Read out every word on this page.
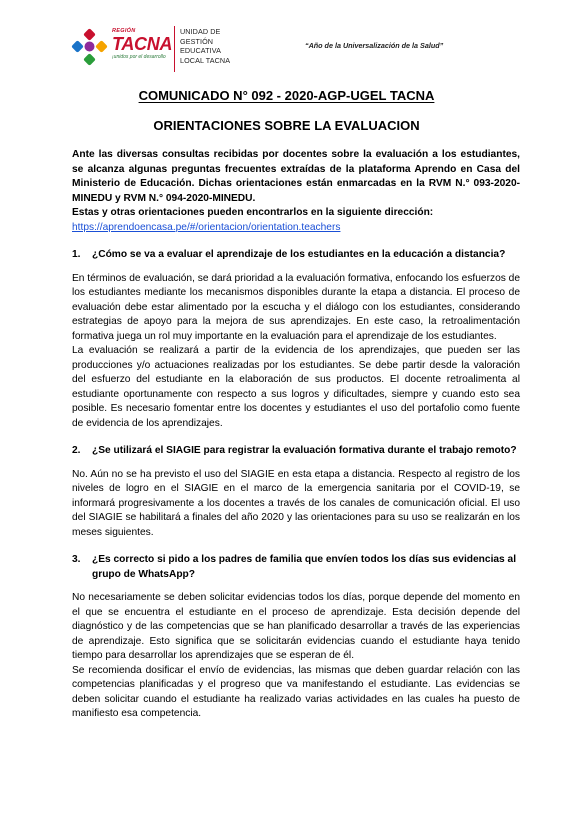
REGIÓN
TACNA
¡unidos por el desarrollo
UNIDAD DE
GESTIÓN
EDUCATIVA
LOCAL TACNA
“Año de la Universalización de la Salud”
COMUNICADO N° 092 - 2020-AGP-UGEL TACNA
ORIENTACIONES SOBRE LA EVALUACION

Ante las diversas consultas recibidas por docentes sobre la evaluación a los estudiantes, se alcanza algunas preguntas frecuentes extraídas de la plataforma Aprendo en Casa del Ministerio de Educación. Dichas orientaciones están enmarcadas en la RVM N.° 093-2020-MINEDU y RVM N.° 094-2020-MINEDU.

Estas y otras orientaciones pueden encontrarlos en la siguiente dirección:

https://aprendoencasa.pe/#/orientacion/orientation.teachers
1.	¿Cómo se va a evaluar el aprendizaje de los estudiantes en la educación a distancia?

En términos de evaluación, se dará prioridad a la evaluación formativa, enfocando los esfuerzos de los estudiantes mediante los mecanismos disponibles durante la etapa a distancia. El proceso de evaluación debe estar alimentado por la escucha y el diálogo con los estudiantes, considerando estrategias de apoyo para la mejora de sus aprendizajes. En este caso, la retroalimentación formativa juega un rol muy importante en la evaluación para el aprendizaje de los estudiantes.

La evaluación se realizará a partir de la evidencia de los aprendizajes, que pueden ser las producciones y/o actuaciones realizadas por los estudiantes. Se debe partir desde la valoración del esfuerzo del estudiante en la elaboración de sus productos. El docente retroalimenta al estudiante oportunamente con respecto a sus logros y dificultades, siempre y cuando esto sea posible. Es necesario fomentar entre los docentes y estudiantes el uso del portafolio como fuente de evidencia de los aprendizajes.

2.	¿Se utilizará el SIAGIE para registrar la evaluación formativa durante el trabajo remoto?

No. Aún no se ha previsto el uso del SIAGIE en esta etapa a distancia. Respecto al registro de los niveles de logro en el SIAGIE en el marco de la emergencia sanitaria por el COVID-19, se informará progresivamente a los docentes a través de los canales de comunicación oficial. El uso del SIAGIE se habilitará a finales del año 2020 y las orientaciones para su uso se realizarán en los meses siguientes.

3.	¿Es correcto si pido a los padres de familia que envíen todos los días sus evidencias al grupo de WhatsApp?

No necesariamente se deben solicitar evidencias todos los días, porque depende del momento en el que se encuentra el estudiante en el proceso de aprendizaje. Esta decisión depende del diagnóstico y de las competencias que se han planificado desarrollar a través de las experiencias de aprendizaje. Esto significa que se solicitarán evidencias cuando el estudiante haya tenido tiempo para desarrollar los aprendizajes que se esperan de él.

Se recomienda dosificar el envío de evidencias, las mismas que deben guardar relación con las competencias planificadas y el progreso que va manifestando el estudiante. Las evidencias se deben solicitar cuando el estudiante ha realizado varias actividades en las cuales ha puesto de manifiesto esa competencia.
